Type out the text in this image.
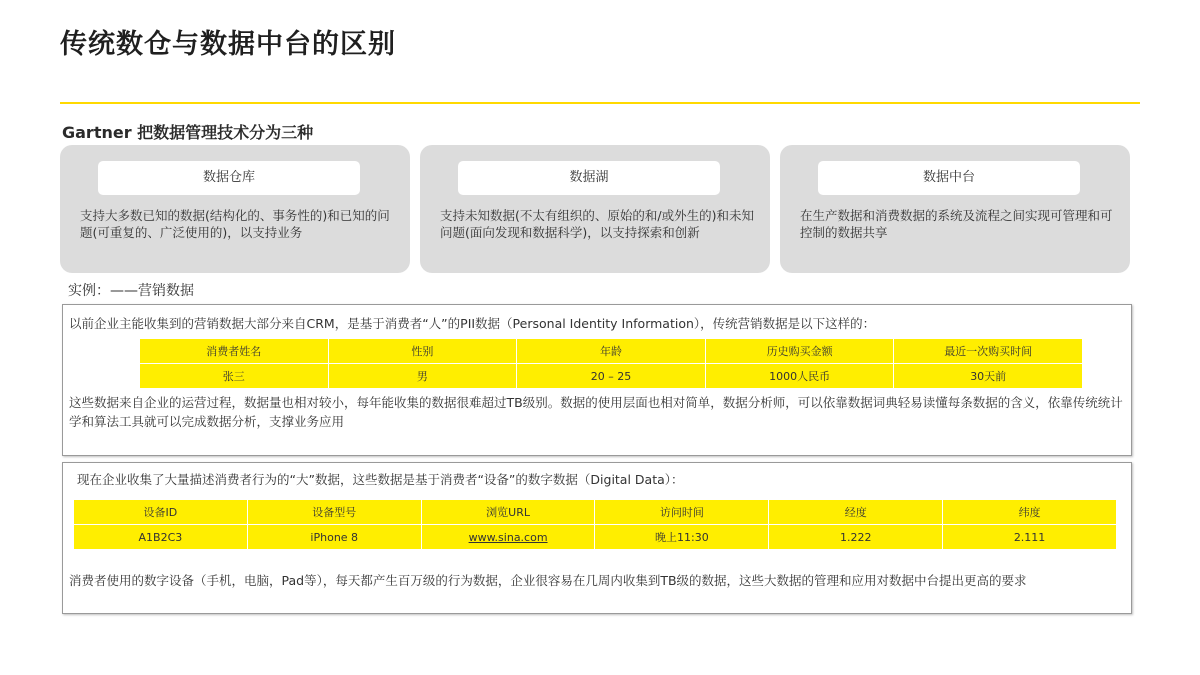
传统数仓与数据中台的区别
Gartner 把数据管理技术分为三种
数据仓库
支持大多数已知的数据(结构化的、事务性的)和已知的问题(可重复的、广泛使用的)，以支持业务
数据湖
支持未知数据(不太有组织的、原始的和/或外生的)和未知问题(面向发现和数据科学)，以支持探索和创新
数据中台
在生产数据和消费数据的系统及流程之间实现可管理和可控制的数据共享
实例：——营销数据
以前企业主能收集到的营销数据大部分来自CRM，是基于消费者“人”的PII数据（Personal Identity Information），传统营销数据是以下这样的：
消费者姓名	性别	年龄	历史购买金额	最近一次购买时间
张三	男	20 – 25	1000人民币	30天前
这些数据来自企业的运营过程，数据量也相对较小，每年能收集的数据很难超过TB级别。数据的使用层面也相对简单，数据分析师，可以依靠数据词典轻易读懂每条数据的含义，依靠传统统计学和算法工具就可以完成数据分析，支撑业务应用
现在企业收集了大量描述消费者行为的“大”数据，这些数据是基于消费者“设备”的数字数据（Digital Data）：
设备ID	设备型号	浏览URL	访问时间	经度	纬度
A1B2C3	iPhone 8	www.sina.com	晚上11:30	1.222	2.111
消费者使用的数字设备（手机，电脑，Pad等），每天都产生百万级的行为数据，企业很容易在几周内收集到TB级的数据，这些大数据的管理和应用对数据中台提出更高的要求
